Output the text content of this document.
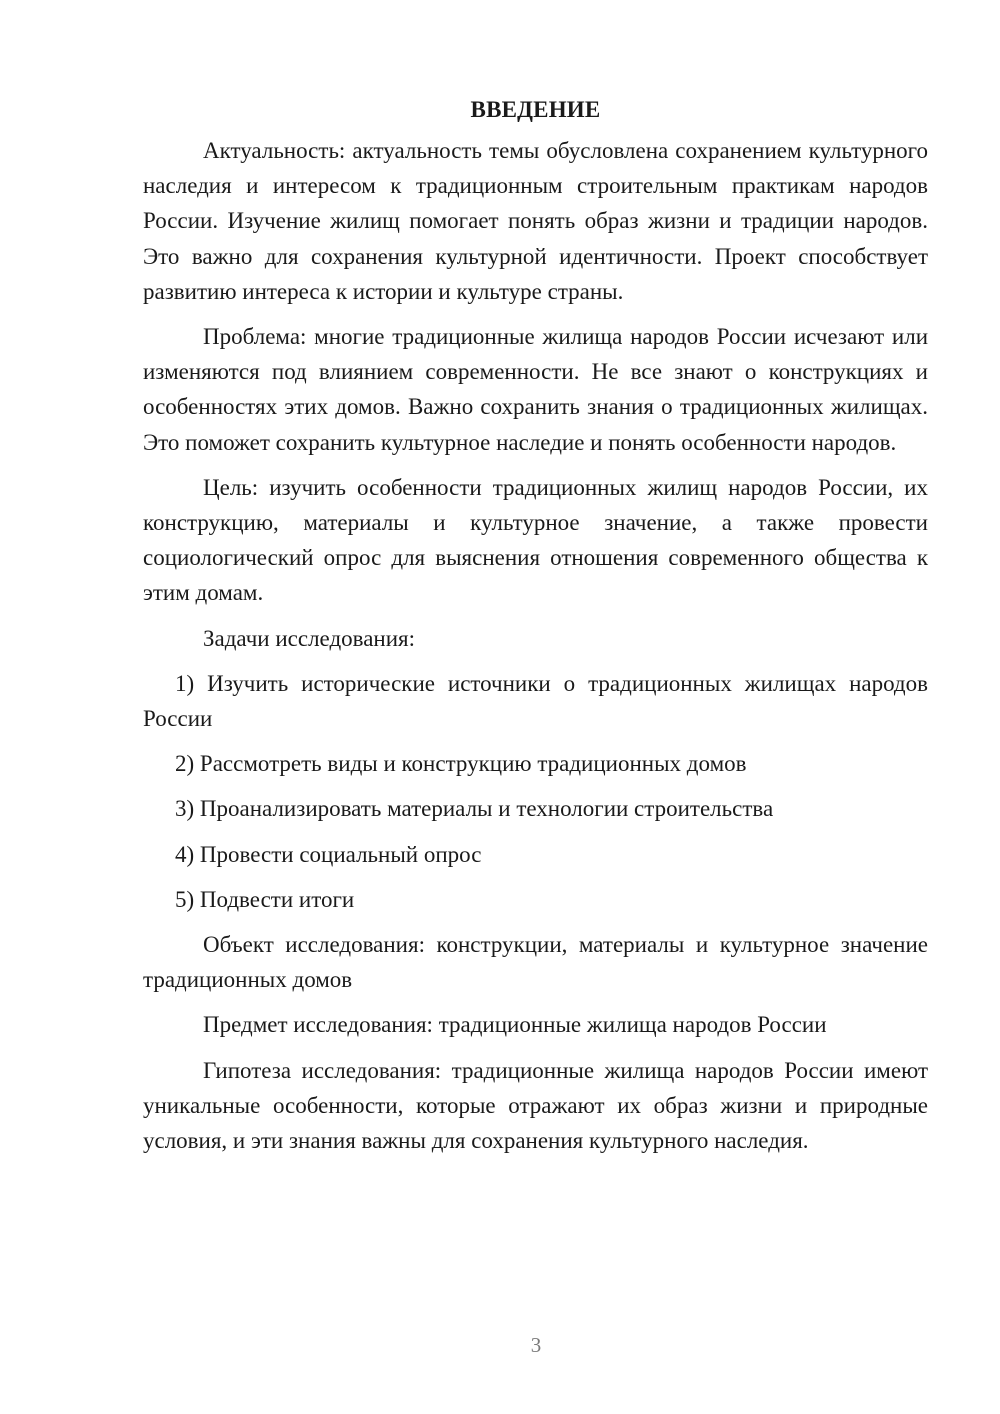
ВВЕДЕНИЕ

Актуальность: актуальность темы обусловлена сохранением культурного наследия и интересом к традиционным строительным практикам народов России. Изучение жилищ помогает понять образ жизни и традиции народов. Это важно для сохранения культурной идентичности. Проект способствует развитию интереса к истории и культуре страны.

Проблема: многие традиционные жилища народов России исчезают или изменяются под влиянием современности. Не все знают о конструкциях и особенностях этих домов. Важно сохранить знания о традиционных жилищах. Это поможет сохранить культурное наследие и понять особенности народов.

Цель: изучить особенности традиционных жилищ народов России, их конструкцию, материалы и культурное значение, а также провести социологический опрос для выяснения отношения современного общества к этим домам.

Задачи исследования:

1) Изучить исторические источники о традиционных жилищах народов России

2) Рассмотреть виды и конструкцию традиционных домов

3) Проанализировать материалы и технологии строительства

4) Провести социальный опрос

5) Подвести итоги

Объект исследования: конструкции, материалы и культурное значение традиционных домов

Предмет исследования: традиционные жилища народов России

Гипотеза исследования: традиционные жилища народов России имеют уникальные особенности, которые отражают их образ жизни и природные условия, и эти знания важны для сохранения культурного наследия.

3
